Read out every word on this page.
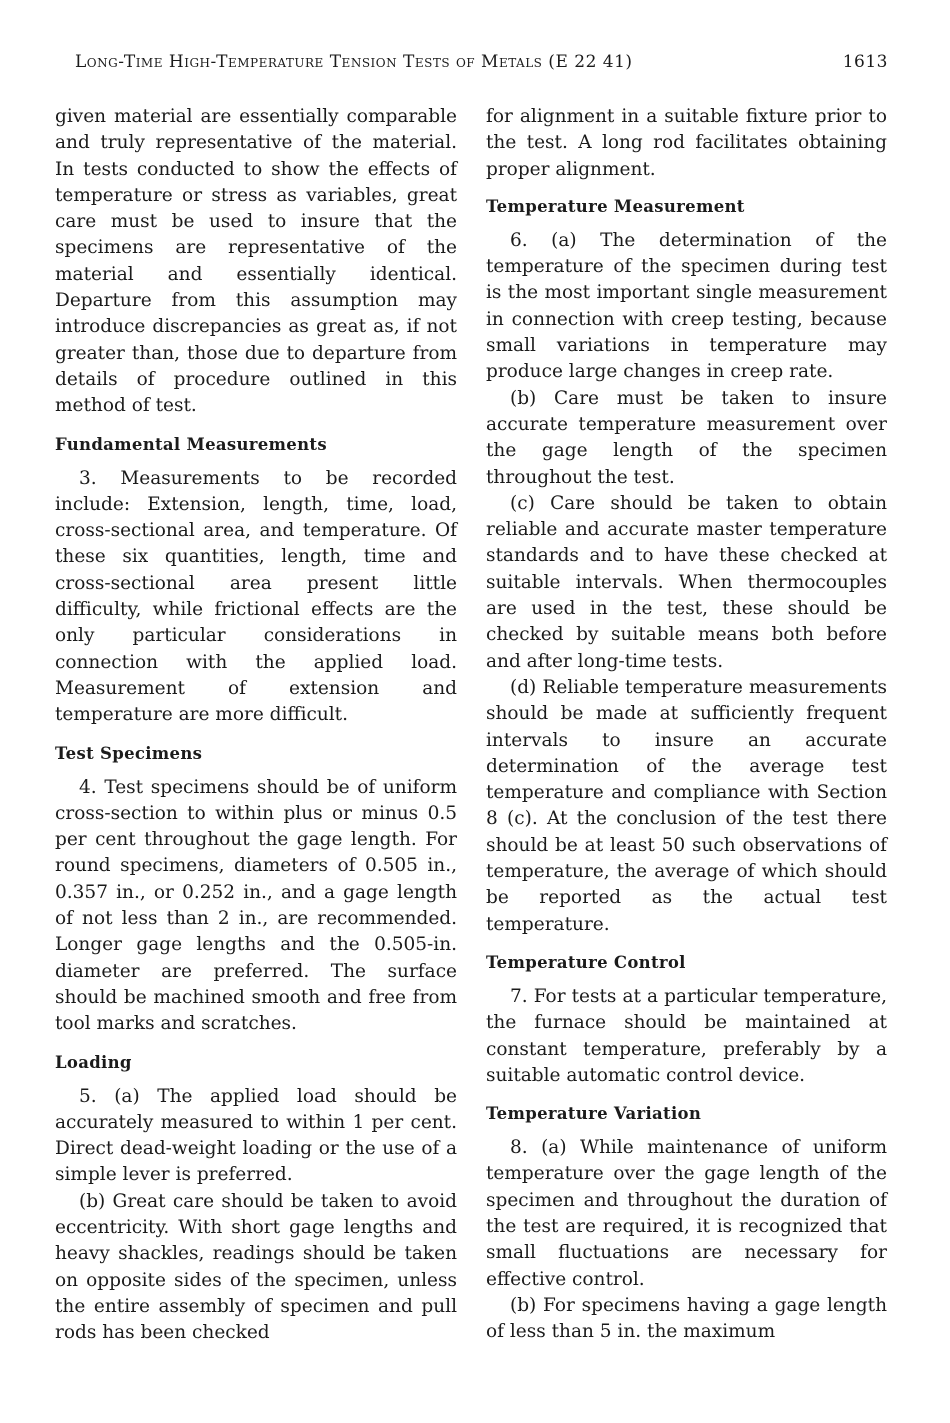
Long-Time High-Temperature Tension Tests of Metals (E 22 41)	1613

given material are essentially comparable and truly representative of the material. In tests conducted to show the effects of temperature or stress as variables, great care must be used to insure that the specimens are representative of the material and essentially identical. Departure from this assumption may introduce discrepancies as great as, if not greater than, those due to departure from details of procedure outlined in this method of test.

Fundamental Measurements

3. Measurements to be recorded include: Extension, length, time, load, cross-sectional area, and temperature. Of these six quantities, length, time and cross-sectional area present little difficulty, while frictional effects are the only particular considerations in connection with the applied load. Measurement of extension and temperature are more difficult.

Test Specimens

4. Test specimens should be of uniform cross-section to within plus or minus 0.5 per cent throughout the gage length. For round specimens, diameters of 0.505 in., 0.357 in., or 0.252 in., and a gage length of not less than 2 in., are recommended. Longer gage lengths and the 0.505-in. diameter are preferred. The surface should be machined smooth and free from tool marks and scratches.

Loading

5. (a) The applied load should be accurately measured to within 1 per cent. Direct dead-weight loading or the use of a simple lever is preferred.

(b) Great care should be taken to avoid eccentricity. With short gage lengths and heavy shackles, readings should be taken on opposite sides of the specimen, unless the entire assembly of specimen and pull rods has been checked

for alignment in a suitable fixture prior to the test. A long rod facilitates obtaining proper alignment.

Temperature Measurement

6. (a) The determination of the temperature of the specimen during test is the most important single measurement in connection with creep testing, because small variations in temperature may produce large changes in creep rate.

(b) Care must be taken to insure accurate temperature measurement over the gage length of the specimen throughout the test.

(c) Care should be taken to obtain reliable and accurate master temperature standards and to have these checked at suitable intervals. When thermocouples are used in the test, these should be checked by suitable means both before and after long-time tests.

(d) Reliable temperature measurements should be made at sufficiently frequent intervals to insure an accurate determination of the average test temperature and compliance with Section 8 (c). At the conclusion of the test there should be at least 50 such observations of temperature, the average of which should be reported as the actual test temperature.

Temperature Control

7. For tests at a particular temperature, the furnace should be maintained at constant temperature, preferably by a suitable automatic control device.

Temperature Variation

8. (a) While maintenance of uniform temperature over the gage length of the specimen and throughout the duration of the test are required, it is recognized that small fluctuations are necessary for effective control.

(b) For specimens having a gage length of less than 5 in. the maximum
